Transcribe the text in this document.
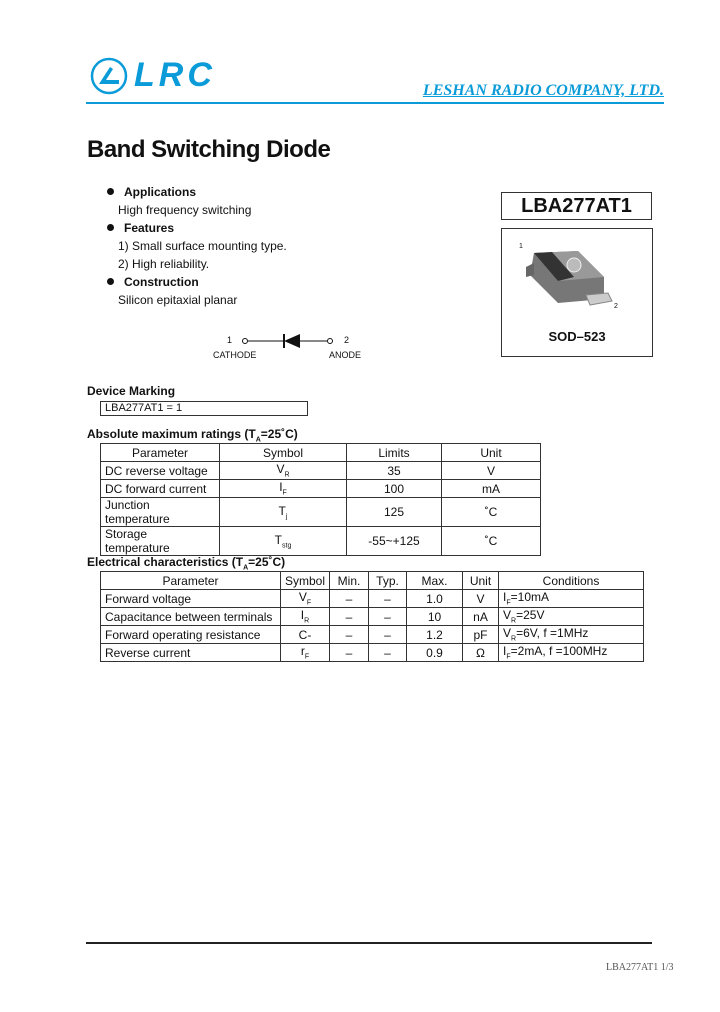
LRC	LESHAN RADIO COMPANY, LTD.
Band Switching Diode
Applications
High frequency switching
Features
1) Small surface mounting type.
2) High reliability.
Construction
Silicon epitaxial planar
LBA277AT1
1
2
SOD–523
1	2
CATHODE	ANODE
Device Marking
LBA277AT1 = 1
Absolute maximum ratings $(T_A=25˚C)$
Parameter	Symbol	Limits	Unit
DC reverse voltage	$V_R$	35	V
DC forward current	$I_F$	100	mA
Junction temperature	$T_j$	125	˚C
Storage temperature	$T_{stg}$	-55~+125	˚C
Electrical characteristics $(T_A=25˚C)$
Parameter	Symbol	Min.	Typ.	Max.	Unit	Conditions
Forward voltage	$V_F$	–	–	1.0	V	$I_F=10mA$
Capacitance between terminals	$I_R$	–	–	10	nA	$V_R=25V$
Forward operating resistance	C-	–	–	1.2	pF	$V_R=6V$, f =1MHz
Reverse current	$r_F$	–	–	0.9	Ω	$I_F=2mA$, f =100MHz
LBA277AT1 1/3
